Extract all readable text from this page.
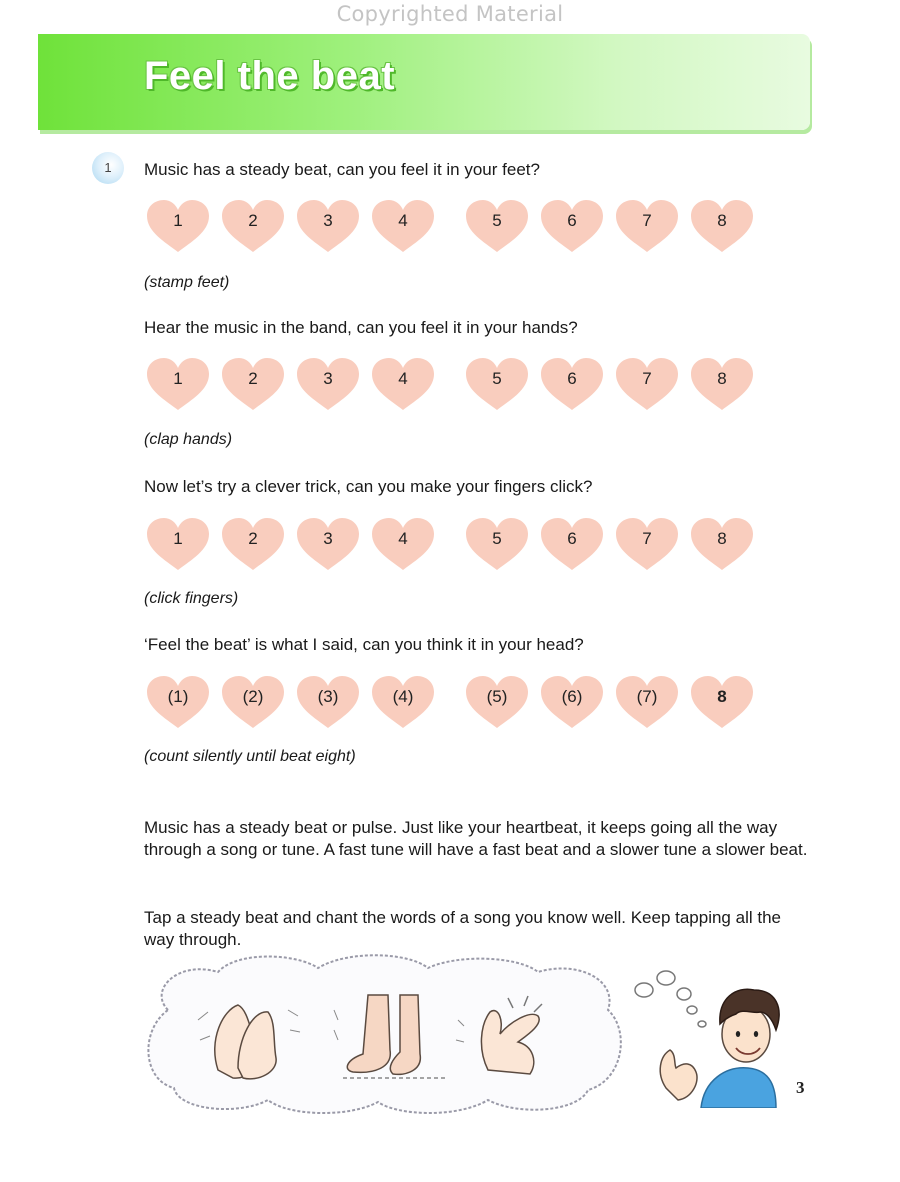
Copyrighted Material
Feel the beat
1	Music has a steady beat, can you feel it in your feet?
1	2	3	4	5	6	7	8
(stamp feet)
Hear the music in the band, can you feel it in your hands?
1	2	3	4	5	6	7	8
(clap hands)
Now let’s try a clever trick, can you make your fingers click?
1	2	3	4	5	6	7	8
(click fingers)
‘Feel the beat’ is what I said, can you think it in your head?
(1)	(2)	(3)	(4)	(5)	(6)	(7)	8
(count silently until beat eight)
Music has a steady beat or pulse. Just like your heartbeat, it keeps going all the way through a song or tune. A fast tune will have a fast beat and a slower tune a slower beat.
Tap a steady beat and chant the words of a song you know well. Keep tapping all the way through.
3
